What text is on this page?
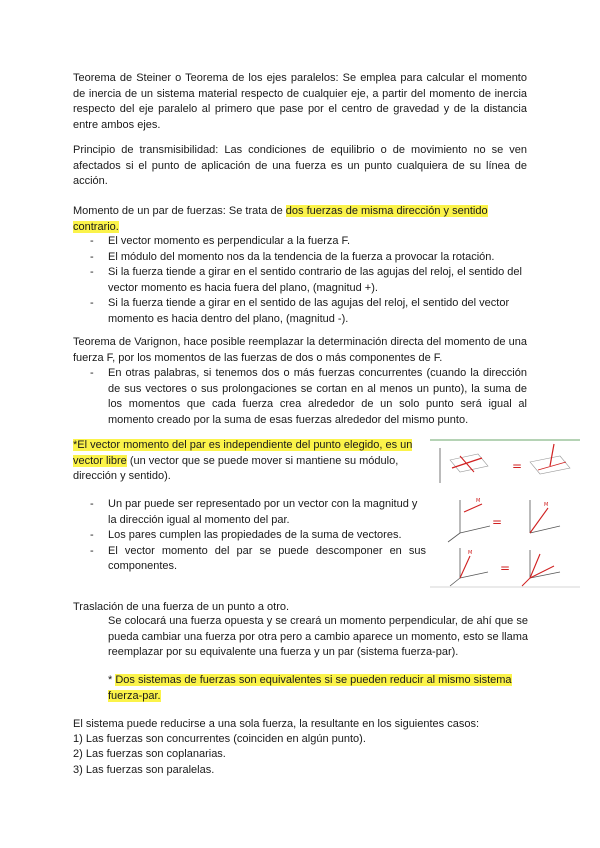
Teorema de Steiner o Teorema de los ejes paralelos: Se emplea para calcular el momento de inercia de un sistema material respecto de cualquier eje, a partir del momento de inercia respecto del eje paralelo al primero que pase por el centro de gravedad y de la distancia entre ambos ejes.

Principio de transmisibilidad: Las condiciones de equilibrio o de movimiento no se ven afectados si el punto de aplicación de una fuerza es un punto cualquiera de su línea de acción.

Momento de un par de fuerzas: Se trata de dos fuerzas de misma dirección y sentido contrario.

- El vector momento es perpendicular a la fuerza F.
- El módulo del momento nos da la tendencia de la fuerza a provocar la rotación.
- Si la fuerza tiende a girar en el sentido contrario de las agujas del reloj, el sentido del vector momento es hacia fuera del plano, (magnitud +).
- Si la fuerza tiende a girar en el sentido de las agujas del reloj, el sentido del vector momento es hacia dentro del plano, (magnitud -).

Teorema de Varignon, hace posible reemplazar la determinación directa del momento de una fuerza F, por los momentos de las fuerzas de dos o más componentes de F.

- En otras palabras, si tenemos dos o más fuerzas concurrentes (cuando la dirección de sus vectores o sus prolongaciones se cortan en al menos un punto), la suma de los momentos que cada fuerza crea alrededor de un solo punto será igual al momento creado por la suma de esas fuerzas alrededor del mismo punto.

*El vector momento del par es independiente del punto elegido, es un vector libre (un vector que se puede mover si mantiene su módulo, dirección y sentido).

- Un par puede ser representado por un vector con la magnitud y la dirección igual al momento del par.
- Los pares cumplen las propiedades de la suma de vectores.
- El vector momento del par se puede descomponer en sus componentes.
=
M
=
M
M
=

Traslación de una fuerza de un punto a otro.

Se colocará una fuerza opuesta y se creará un momento perpendicular, de ahí que se pueda cambiar una fuerza por otra pero a cambio aparece un momento, esto se llama reemplazar por su equivalente una fuerza y un par (sistema fuerza-par).

* Dos sistemas de fuerzas son equivalentes si se pueden reducir al mismo sistema fuerza-par.

El sistema puede reducirse a una sola fuerza, la resultante en los siguientes casos:

1) Las fuerzas son concurrentes (coinciden en algún punto).

2) Las fuerzas son coplanarias.

3) Las fuerzas son paralelas.
